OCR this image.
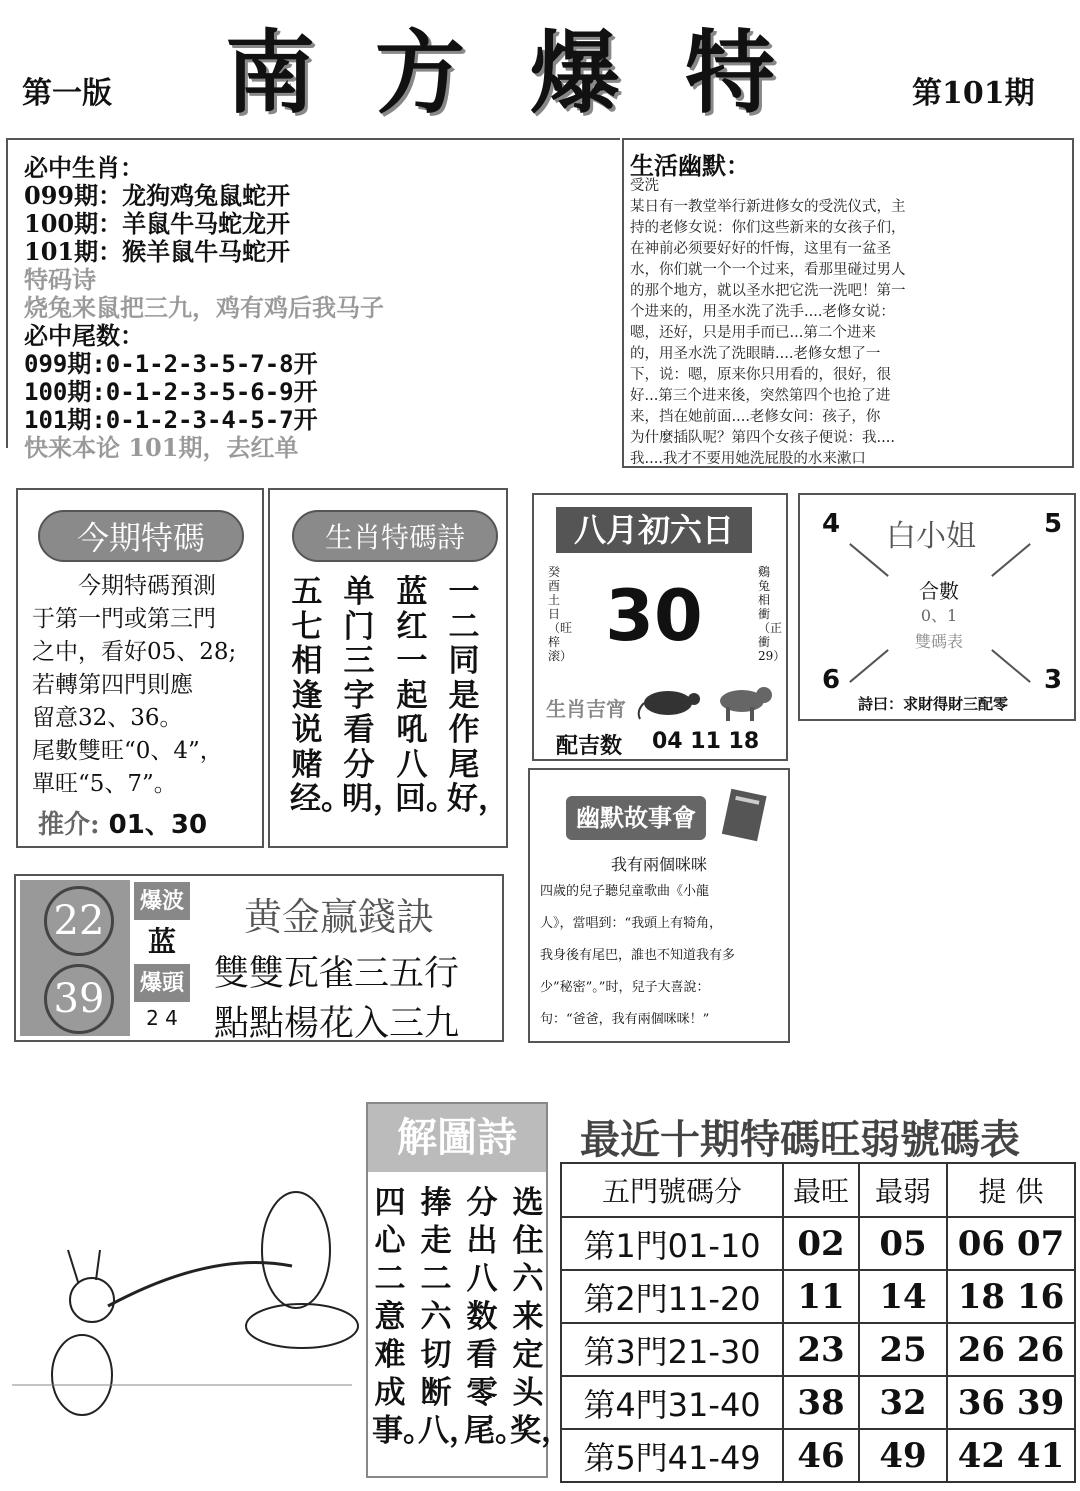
第一版 南 方 爆 特	第101期
必中生肖：
099期：龙狗鸡兔鼠蛇开
100期：羊鼠牛马蛇龙开
101期：猴羊鼠牛马蛇开
特码诗
烧兔来鼠把三九，鸡有鸡后我马子
必中尾数：
099期:0-1-2-3-5-7-8开
100期:0-1-2-3-5-6-9开
101期:0-1-2-3-4-5-7开
快来本论 101期，去红单
生活幽默：

受洗

某日有一教堂举行新进修女的受洗仪式，主

持的老修女说：你们这些新来的女孩子们，

在神前必须要好好的忏悔，这里有一盆圣

水，你们就一个一个过来，看那里碰过男人

的那个地方，就以圣水把它洗一洗吧！第一

个进来的，用圣水洗了洗手....老修女说：

嗯，还好，只是用手而已...第二个进来

的，用圣水洗了洗眼睛....老修女想了一

下，说：嗯，原来你只用看的，很好，很

好...第三个进来後，突然第四个也抢了进

来，挡在她前面....老修女问：孩子，你

为什麼插队呢？第四个女孩子便说：我....

我....我才不要用她洗屁股的水来漱口

今期特碼
今期特碼預測
于第一門或第三門
之中，看好05、28;
若轉第四門則應
留意32、36。
尾數雙旺“0、4”，
單旺“5、7”。
推介: 01、30
生肖特碼詩
一二同是作尾好，
蓝红一起吼八回。
单门三字看分明，
五七相逢说赌经。
八月初六日
癸酉土日（旺梓滚） 30
鷄兔相衝（正衝29）
生肖吉宵
配吉数 04 11 18
白小姐
4	5
6	3
合數
0、1
雙碼表
詩曰：求財得財三配零
幽默故事會
我有兩個咪咪
四歲的兒子聽兒童歌曲《小龍
人》，當唱到：“我頭上有犄角，
我身後有尾巴，誰也不知道我有多
少”秘密”。”时，兒子大喜說：
句：“爸爸，我有兩個咪咪！”
22
39
爆波
蓝
爆頭
2 4
黄金赢錢訣
雙雙瓦雀三五行
點點楊花入三九
解圖詩
选住六来定头奖，
分出八数看零尾。
捧走二六切断八，
四心二意难成事。
最近十期特碼旺弱號碼表
五門號碼分	最旺	最弱	提 供
第1門01-10	02	05	06 07
第2門11-20	11	14	18 16
第3門21-30	23	25	26 26
第4門31-40	38	32	36 39
第5門41-49	46	49	42 41
